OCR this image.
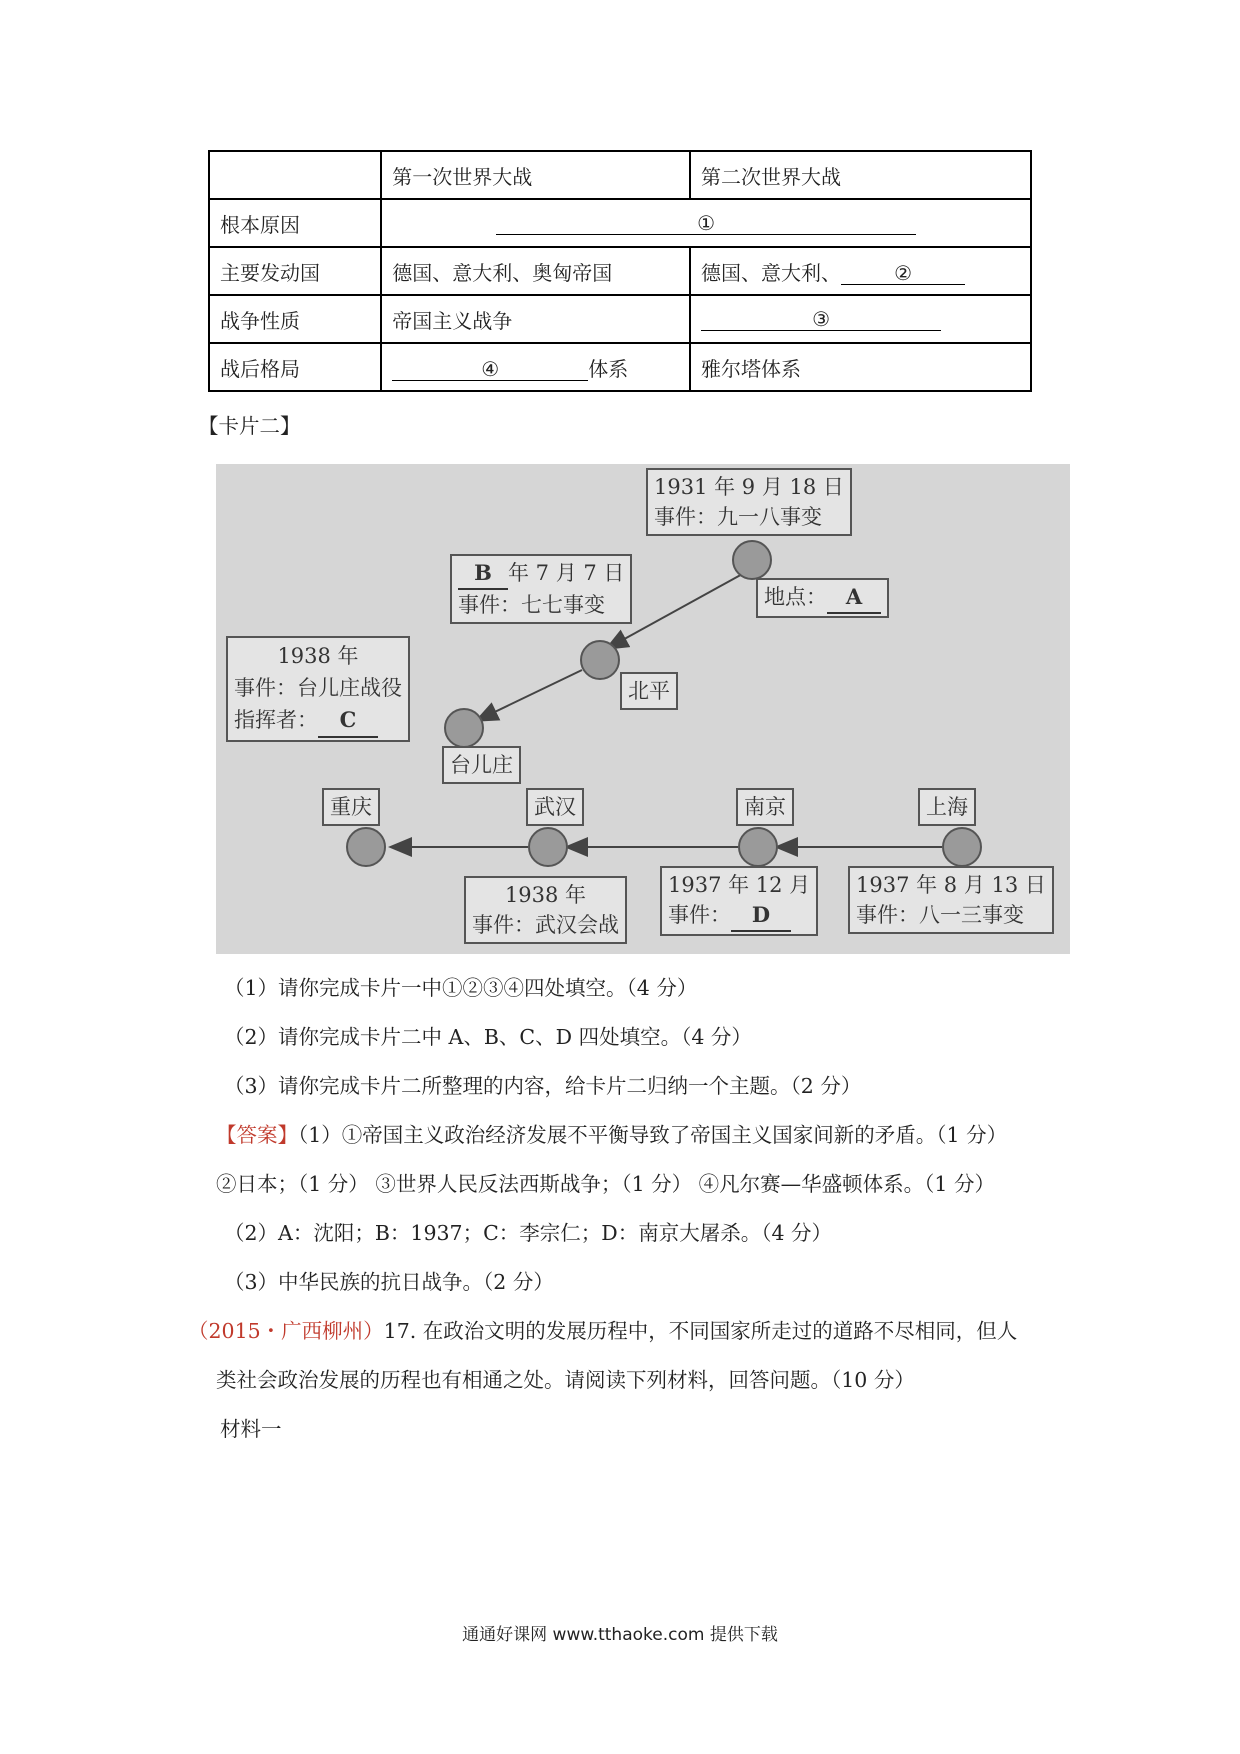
	第一次世界大战	第二次世界大战
根本原因	①	
主要发动国	德国、意大利、奥匈帝国	德国、意大利、 ②
战争性质	帝国主义战争	③
战后格局	④ 体系	雅尔塔体系
【卡片二】
1931 年 9 月 18 日
事件：九一八事变
B 年 7 月 7 日
事件：七七事变	地点： A
1938 年
事件：台儿庄战役
指挥者： C
北平
台儿庄
重庆	武汉	南京	上海
1938 年
事件：武汉会战
1937 年 12 月
事件： D
1937 年 8 月 13 日
事件：八一三事变
（1）请你完成卡片一中①②③④四处填空。（4 分）
（2）请你完成卡片二中 A、B、C、D 四处填空。（4 分）
（3）请你完成卡片二所整理的内容，给卡片二归纳一个主题。（2 分）
【答案】（1）①帝国主义政治经济发展不平衡导致了帝国主义国家间新的矛盾。（1 分）
②日本；（1 分） ③世界人民反法西斯战争；（1 分） ④凡尔赛—华盛顿体系。（1 分）
（2）A：沈阳；B：1937；C：李宗仁；D：南京大屠杀。（4 分）
（3）中华民族的抗日战争。（2 分）
（2015・广西柳州）17. 在政治文明的发展历程中，不同国家所走过的道路不尽相同，但人
类社会政治发展的历程也有相通之处。请阅读下列材料，回答问题。（10 分）
材料一
通通好课网 www.tthaoke.com 提供下载
